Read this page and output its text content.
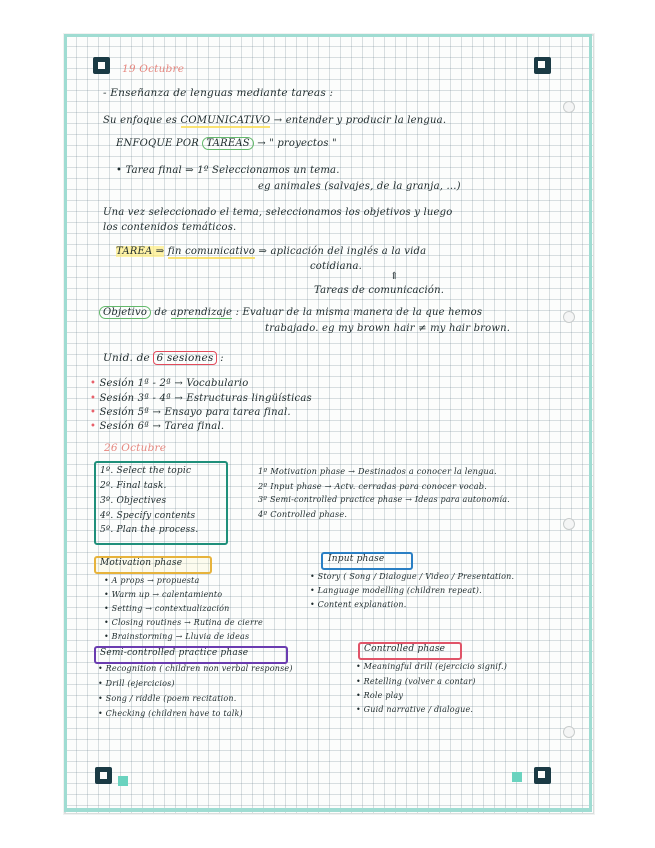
19 Octubre
- Enseñanza de lenguas mediante tareas :
Su enfoque es COMUNICATIVO → entender y producir la lengua.
ENFOQUE POR TAREAS → " proyectos "
• Tarea final ⇒ 1º Seleccionamos un tema.
eg animales (salvajes, de la granja, ...)
Una vez seleccionado el tema, seleccionamos los objetivos y luego
los contenidos temáticos.
TAREA ⇒ fin comunicativo ⇒ aplicación del inglés a la vida
cotidiana.
⇑
Tareas de comunicación.
Objetivo de aprendizaje : Evaluar de la misma manera de la que hemos
trabajado. eg my brown hair ≠ my hair brown.
Unid. de 6 sesiones :
• Sesión 1ª - 2ª → Vocabulario
• Sesión 3ª - 4ª → Estructuras lingüísticas
• Sesión 5ª → Ensayo para tarea final.
• Sesión 6ª → Tarea final.
26 Octubre
1º. Select the topic
2º. Final task.
3º. Objectives
4º. Specify contents
5º. Plan the process.
1º Motivation phase → Destinados a conocer la lengua.
2º Input phase → Actv. cerradas para conocer vocab.
3º Semi-controlled practice phase → Ideas para autonomía.
4º Controlled phase.
Motivation phase
• A props → propuesta
• Warm up → calentamiento
• Setting → contextualización
• Closing routines → Rutina de cierre
• Brainstorming → Lluvia de ideas
Input phase
• Story ( Song / Dialogue / Video / Presentation.
• Language modelling (children repeat).
• Content explanation.
Semi-controlled practice phase
• Recognition ( children non verbal response)
• Drill (ejercicios)
• Song / riddle (poem recitation.
• Checking (children have to talk)
Controlled phase
• Meaningful drill (ejercicio signif.)
• Retelling (volver a contar)
• Role play
• Guid narrative / dialogue.
